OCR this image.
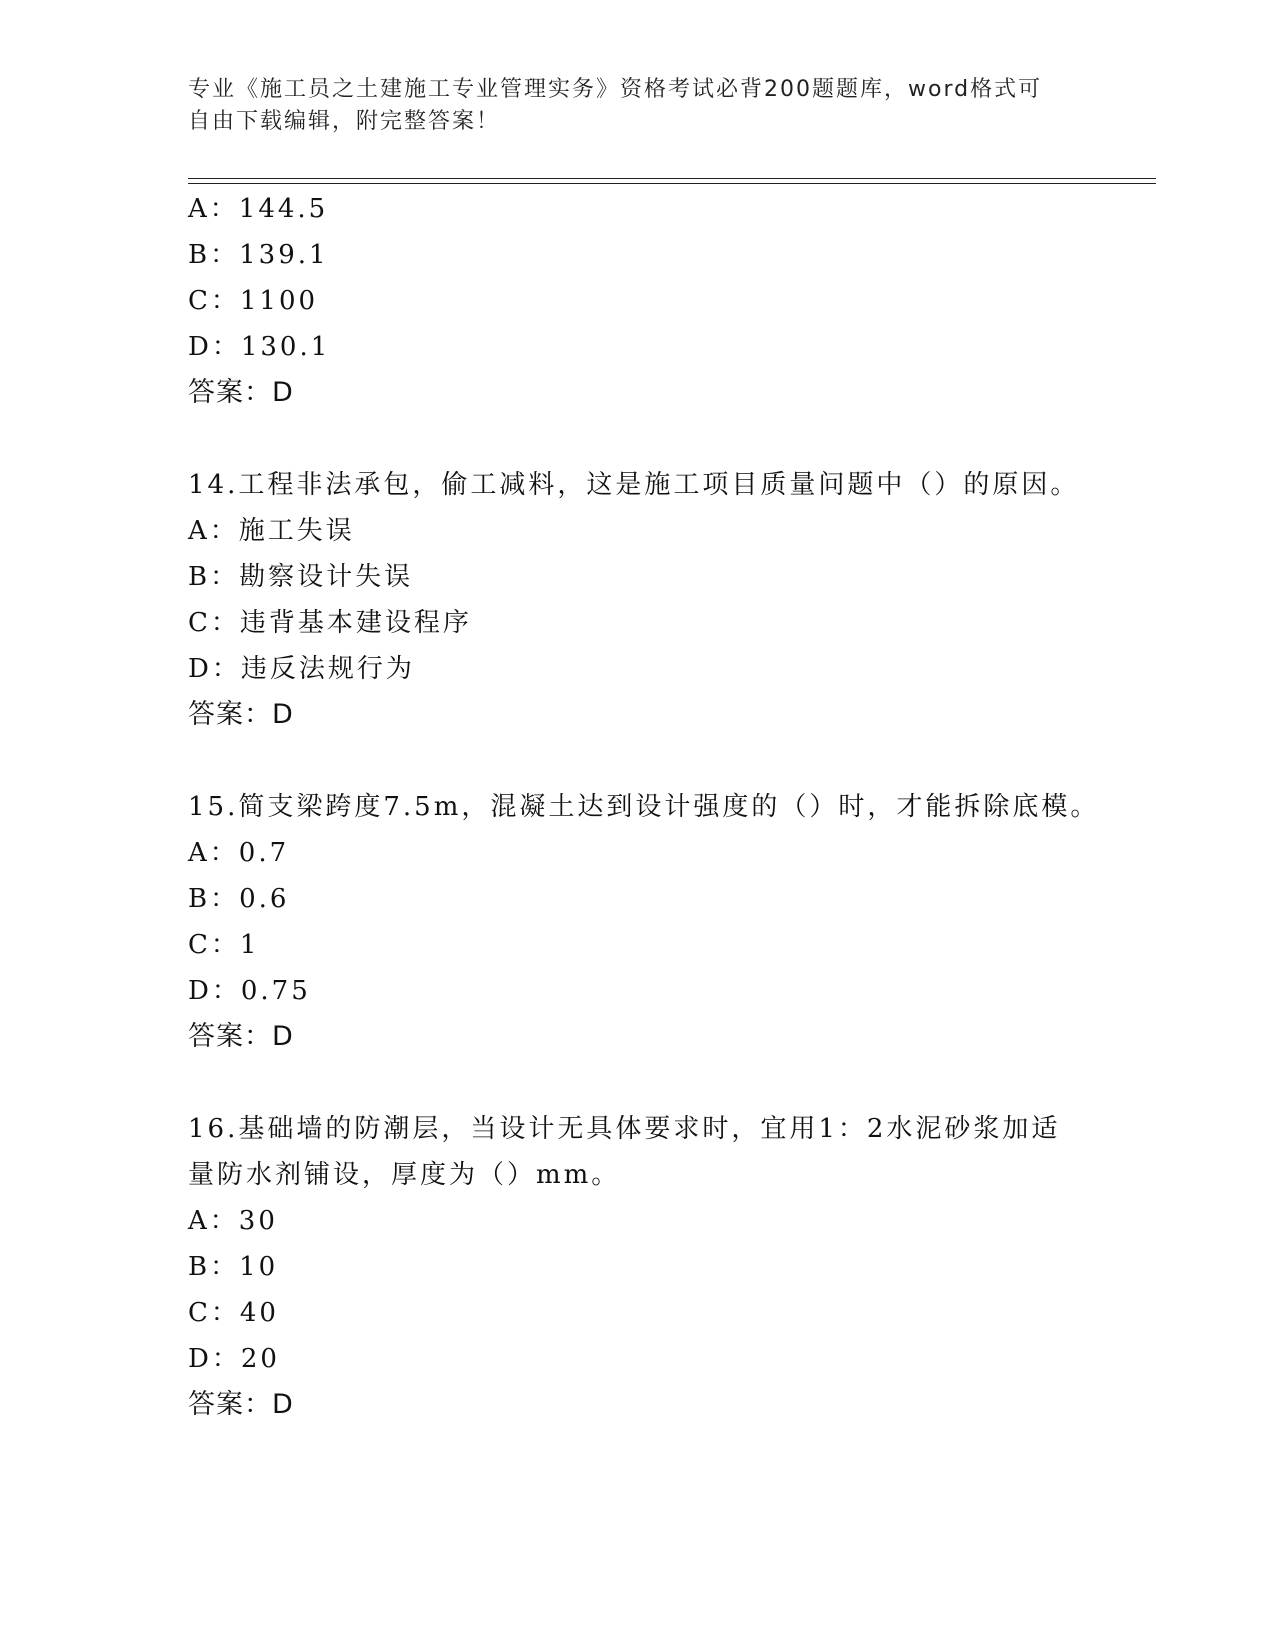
专业《施工员之土建施工专业管理实务》资格考试必背200题题库，word格式可
自由下载编辑，附完整答案！
A：144.5
B：139.1
C：1100
D：130.1
答案：D
14.工程非法承包，偷工减料，这是施工项目质量问题中（）的原因。
A：施工失误
B：勘察设计失误
C：违背基本建设程序
D：违反法规行为
答案：D
15.简支梁跨度7.5m，混凝土达到设计强度的（）时，才能拆除底模。
A：0.7
B：0.6
C：1
D：0.75
答案：D
16.基础墙的防潮层，当设计无具体要求时，宜用1：2水泥砂浆加适
量防水剂铺设，厚度为（）mm。
A：30
B：10
C：40
D：20
答案：D
